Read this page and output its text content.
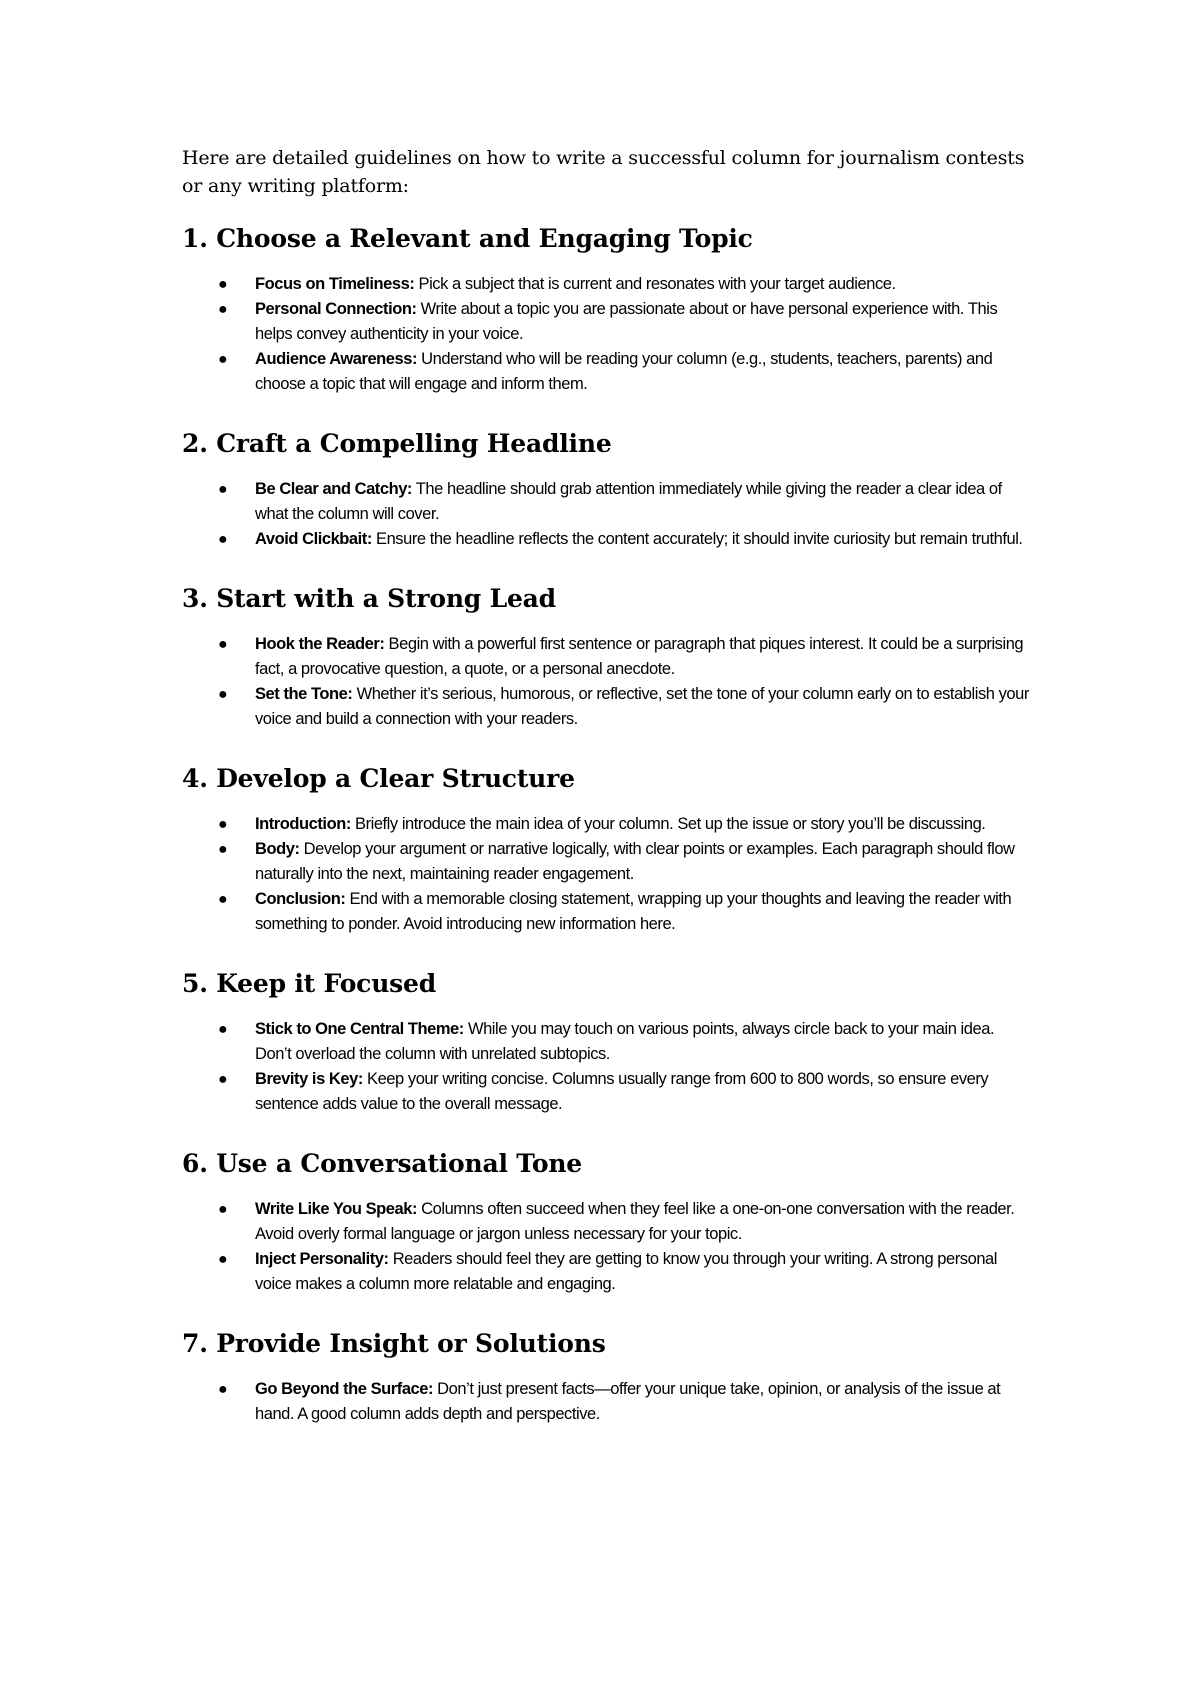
Here are detailed guidelines on how to write a successful column for journalism contests or any writing platform:

1. Choose a Relevant and Engaging Topic
● Focus on Timeliness: Pick a subject that is current and resonates with your target audience.
● Personal Connection: Write about a topic you are passionate about or have personal experience with. This helps convey authenticity in your voice.
● Audience Awareness: Understand who will be reading your column (e.g., students, teachers, parents) and choose a topic that will engage and inform them.
2. Craft a Compelling Headline
● Be Clear and Catchy: The headline should grab attention immediately while giving the reader a clear idea of what the column will cover.
● Avoid Clickbait: Ensure the headline reflects the content accurately; it should invite curiosity but remain truthful.
3. Start with a Strong Lead
● Hook the Reader: Begin with a powerful first sentence or paragraph that piques interest. It could be a surprising fact, a provocative question, a quote, or a personal anecdote.
● Set the Tone: Whether it’s serious, humorous, or reflective, set the tone of your column early on to establish your voice and build a connection with your readers.
4. Develop a Clear Structure
● Introduction: Briefly introduce the main idea of your column. Set up the issue or story you’ll be discussing.
● Body: Develop your argument or narrative logically, with clear points or examples. Each paragraph should flow naturally into the next, maintaining reader engagement.
● Conclusion: End with a memorable closing statement, wrapping up your thoughts and leaving the reader with something to ponder. Avoid introducing new information here.
5. Keep it Focused
● Stick to One Central Theme: While you may touch on various points, always circle back to your main idea. Don’t overload the column with unrelated subtopics.
● Brevity is Key: Keep your writing concise. Columns usually range from 600 to 800 words, so ensure every sentence adds value to the overall message.
6. Use a Conversational Tone
● Write Like You Speak: Columns often succeed when they feel like a one-on-one conversation with the reader. Avoid overly formal language or jargon unless necessary for your topic.
● Inject Personality: Readers should feel they are getting to know you through your writing. A strong personal voice makes a column more relatable and engaging.
7. Provide Insight or Solutions
● Go Beyond the Surface: Don’t just present facts—offer your unique take, opinion, or analysis of the issue at hand. A good column adds depth and perspective.
